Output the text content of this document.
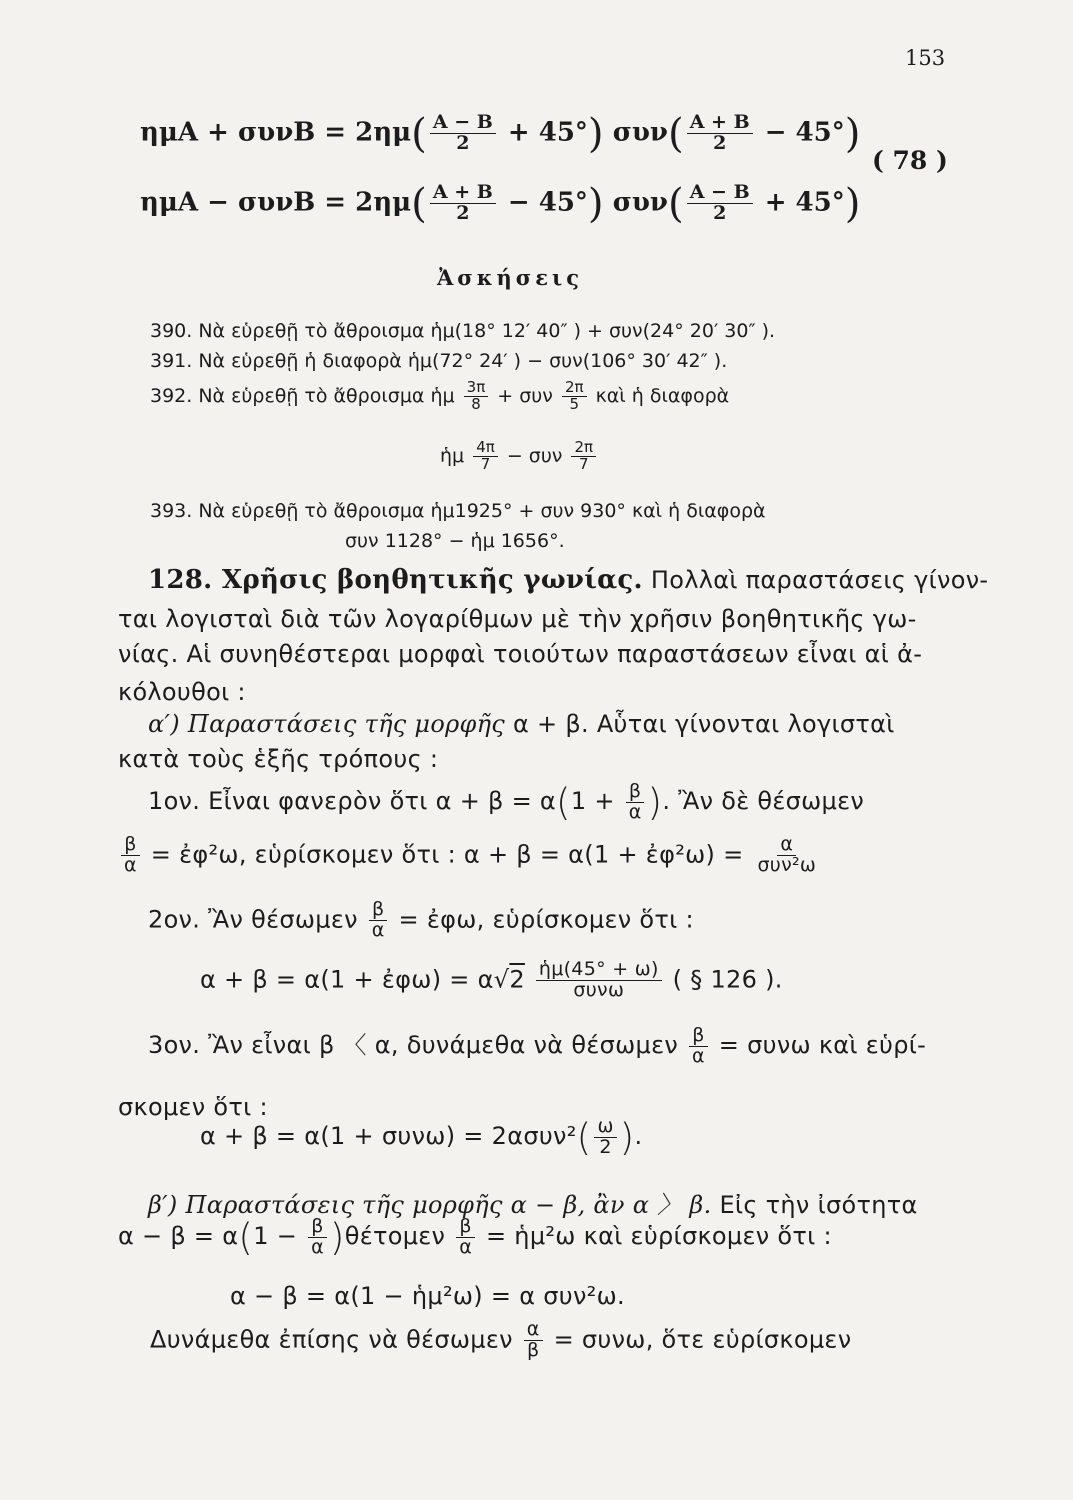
153
$\eta\mu A + \sigma\upsilon\nu B = 2\eta\mu( \frac{A - B}{2} + 45^\circ)$ $\sigma\upsilon\nu( \frac{A + B}{2} - 45^\circ)$
$\eta\mu A - \sigma\upsilon\nu B = 2\eta\mu( \frac{A + B}{2} - 45^\circ)$ $\sigma\upsilon\nu( \frac{A - B}{2} + 45^\circ)$
( 78 )
Ἀσκήσεις
390. Νὰ εὑρεθῇ τὸ ἄθροισμα ἡμ(18° 12′ 40″ ) + συν(24° 20′ 30″ ).
391. Νὰ εὑρεθῇ ἡ διαφορὰ ἡμ(72° 24′ ) − συν(106° 30′ 42″ ).
392. Νὰ εὑρεθῇ τὸ ἄθροισμα ἡμ $\frac{3\pi}{8} + \sigma\upsilon\nu \frac{2\pi}{5}$ καὶ ἡ διαφορὰ
ἡμ $\frac{4\pi}{7} - \sigma\upsilon\nu \frac{2\pi}{7}$
393. Νὰ εὑρεθῇ τὸ ἄθροισμα ἡμ1925° + συν 930° καὶ ἡ διαφορὰ
συν 1128° − ἡμ 1656°.
128. Χρῆσις βοηθητικῆς γωνίας. Πολλαὶ παραστάσεις γίνον-
ται λογισταὶ διὰ τῶν λογαρίθμων μὲ τὴν χρῆσιν βοηθητικῆς γω-
νίας. Αἱ συνηθέστεραι μορφαὶ τοιούτων παραστάσεων εἶναι αἱ ἀ-
κόλουθοι :
α′) Παραστάσεις τῆς μορφῆς α + β. Αὗται γίνονται λογισταὶ
κατὰ τοὺς ἑξῆς τρόπους :
1ον. Εἶναι φανερὸν ὅτι $\alpha + \beta = \alpha(1 + \frac{\beta}{\alpha}$ ). Ἂν δὲ θέσωμεν
$\frac{\beta}{\alpha}$ = ἐφ²ω, εὑρίσκομεν ὅτι : α + β = α(1 + ἐφ²ω) = $\frac{\alpha}{\text{συν²ω}}$
2ον. Ἂν θέσωμεν $\frac{\beta}{\alpha}$ = ἐφω, εὑρίσκομεν ὅτι :
α + β = α(1 + ἐφω) = $\alpha√2 \frac{\text{ἡμ(45° + ω)}}{\text{συνω}}$ ( § 126 ).
3ον. Ἂν εἶναι β 〈 α, δυνάμεθα νὰ θέσωμεν $\frac{\beta}{\alpha} = \sigma\upsilon\nu\omega$ καὶ εὑρί-
σκομεν ὅτι :
$\alpha + \beta = \alpha(1 + \sigma\upsilon\nu\omega) = 2\alpha\sigma\upsilon\nu^2( \frac{\omega}{2}$ ).
β′) Παραστάσεις τῆς μορφῆς α − β, ἂν α 〉 β. Εἰς τὴν ἰσότητα
$\alpha - \beta = \alpha(1 - \frac{\beta}{\alpha} )\theta έ\tau o\mu\varepsilon\nu \frac{\beta}{\alpha}$ = ἡμ²ω καὶ εὑρίσκομεν ὅτι :
α − β = α(1 − ἡμ²ω) = α συν²ω.
Δυνάμεθα ἐπίσης νὰ θέσωμεν $\frac{\alpha}{\beta} = \sigma\upsilon\nu\omega$, ὅτε εὑρίσκομεν
